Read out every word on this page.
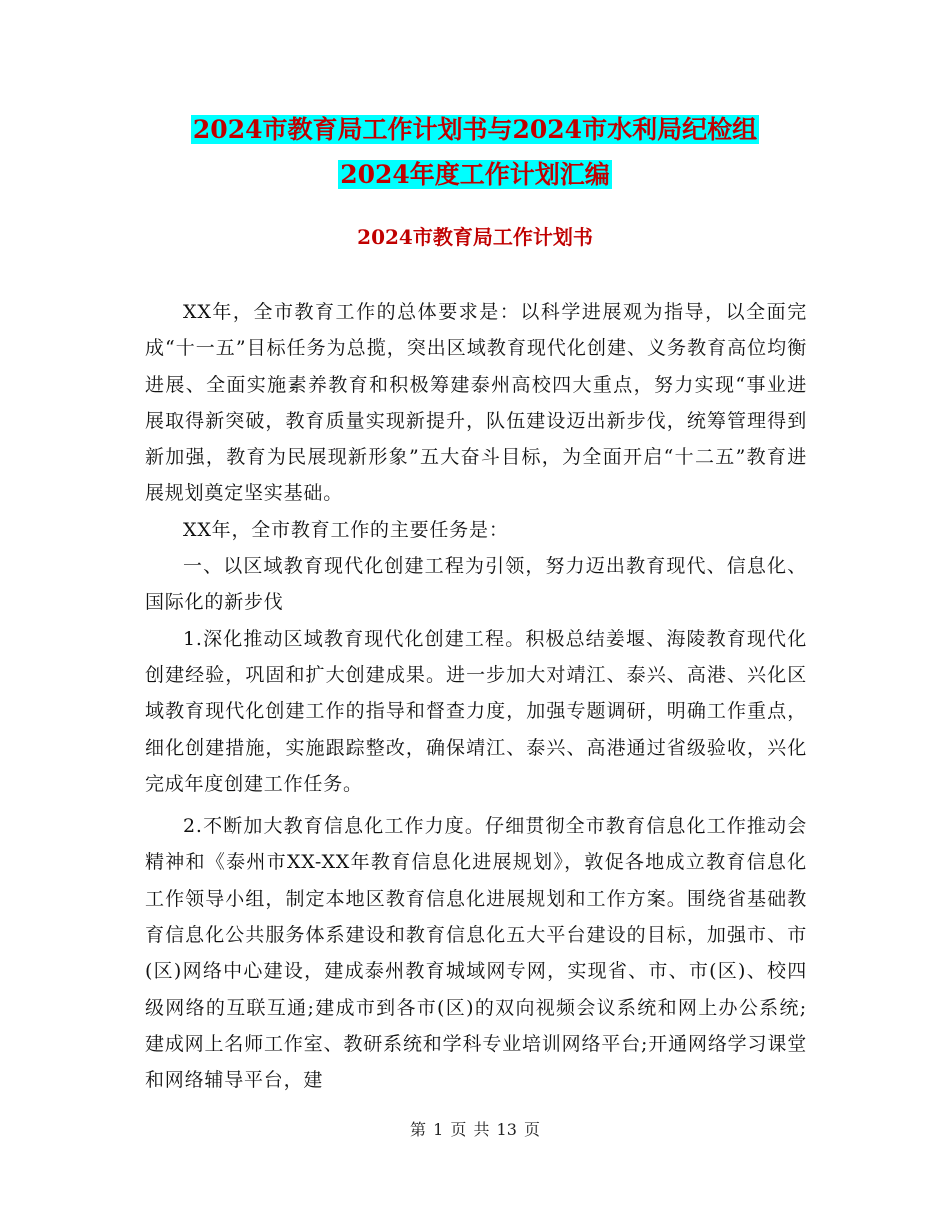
2024市教育局工作计划书与2024市水利局纪检组
2024年度工作计划汇编
2024市教育局工作计划书

XX年，全市教育工作的总体要求是：以科学进展观为指导，以全面完成“十一五”目标任务为总揽，突出区域教育现代化创建、义务教育高位均衡进展、全面实施素养教育和积极筹建泰州高校四大重点，努力实现“事业进展取得新突破，教育质量实现新提升，队伍建设迈出新步伐，统筹管理得到新加强，教育为民展现新形象”五大奋斗目标，为全面开启“十二五”教育进展规划奠定坚实基础。

XX年，全市教育工作的主要任务是：

一、以区域教育现代化创建工程为引领，努力迈出教育现代、信息化、国际化的新步伐

1.深化推动区域教育现代化创建工程。积极总结姜堰、海陵教育现代化创建经验，巩固和扩大创建成果。进一步加大对靖江、泰兴、高港、兴化区域教育现代化创建工作的指导和督查力度，加强专题调研，明确工作重点，细化创建措施，实施跟踪整改，确保靖江、泰兴、高港通过省级验收，兴化完成年度创建工作任务。

2.不断加大教育信息化工作力度。仔细贯彻全市教育信息化工作推动会精神和《泰州市XX-XX年教育信息化进展规划》，敦促各地成立教育信息化工作领导小组，制定本地区教育信息化进展规划和工作方案。围绕省基础教育信息化公共服务体系建设和教育信息化五大平台建设的目标，加强市、市(区)网络中心建设，建成泰州教育城域网专网，实现省、市、市(区)、校四级网络的互联互通;建成市到各市(区)的双向视频会议系统和网上办公系统;建成网上名师工作室、教研系统和学科专业培训网络平台;开通网络学习课堂和网络辅导平台，建

第 1 页 共 13 页
